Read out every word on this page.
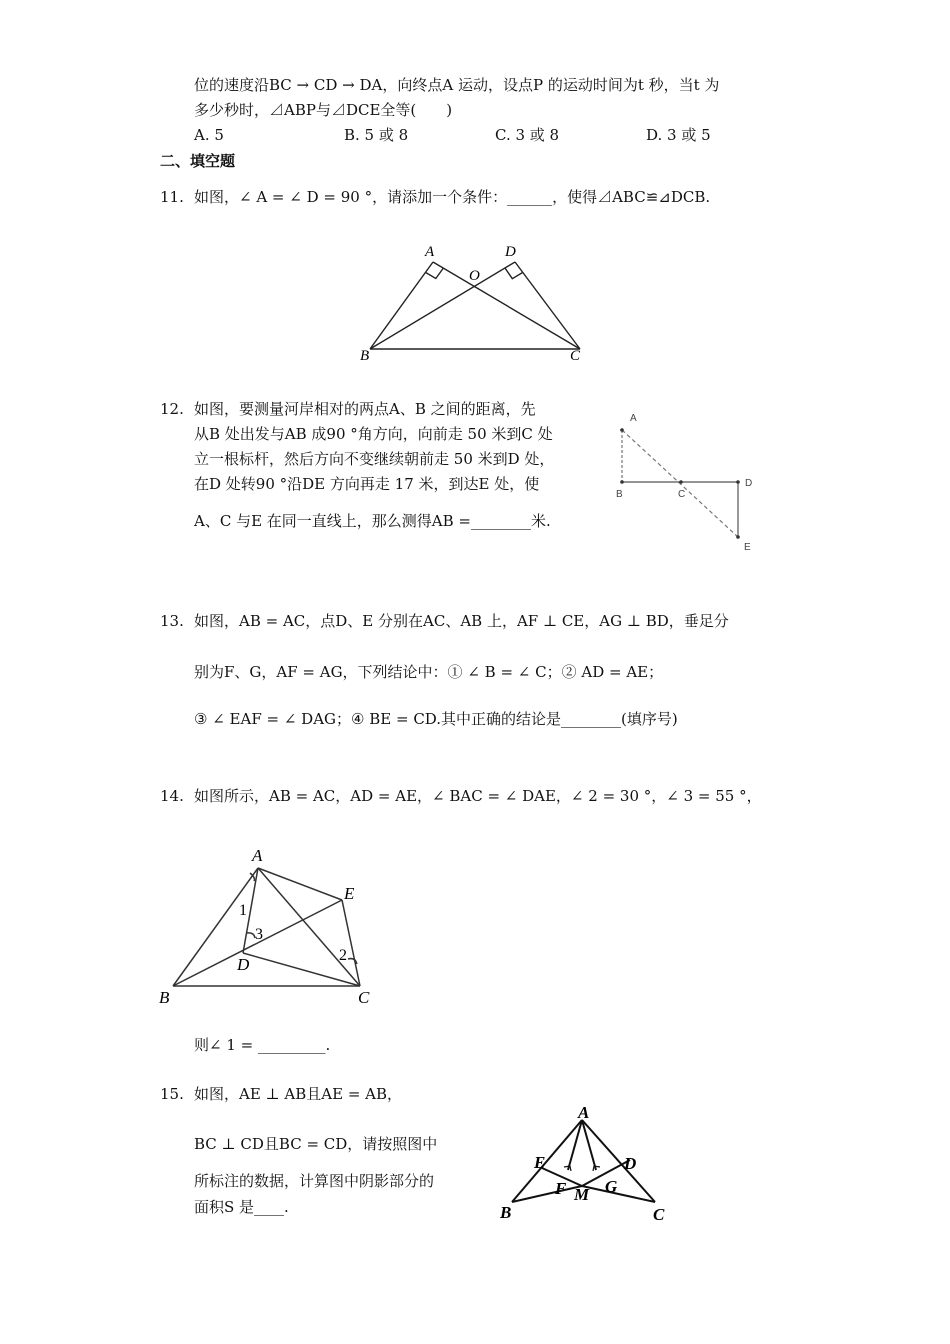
位的速度沿BC → CD → DA，向终点A 运动，设点P 的运动时间为t 秒，当t 为
多少秒时，⊿ABP与⊿DCE全等(　　)
A. 5	B. 5 或 8	C. 3 或 8	D. 3 或 5
二、填空题
11. 如图，∠ A = ∠ D = 90 °，请添加一个条件：______，使得⊿ABC≌⊿DCB.
A	D
O
B	C
12. 如图，要测量河岸相对的两点A、B 之间的距离，先
从B 处出发与AB 成90 °角方向，向前走 50 米到C 处
立一根标杆，然后方向不变继续朝前走 50 米到D 处，
在D 处转90 °沿DE 方向再走 17 米，到达E 处，使
A、C 与E 在同一直线上，那么测得AB =________米.
A
B	C
D
E
13. 如图，AB = AC，点D、E 分别在AC、AB 上，AF ⊥ CE，AG ⊥ BD，垂足分
别为F、G，AF = AG，下列结论中：① ∠ B = ∠ C；② AD = AE；
③ ∠ EAF = ∠ DAG；④ BE = CD.其中正确的结论是________(填序号)
14. 如图所示，AB = AC，AD = AE，∠ BAC = ∠ DAE，∠ 2 = 30 °，∠ 3 = 55 °，
A
E
B	C
D
1
2
3
则∠ 1 = _________.
15. 如图，AE ⊥ AB且AE = AB，
BC ⊥ CD且BC = CD，请按照图中
所标注的数据，计算图中阴影部分的
面积S 是____.
A
E	D
F G
M
B	C
